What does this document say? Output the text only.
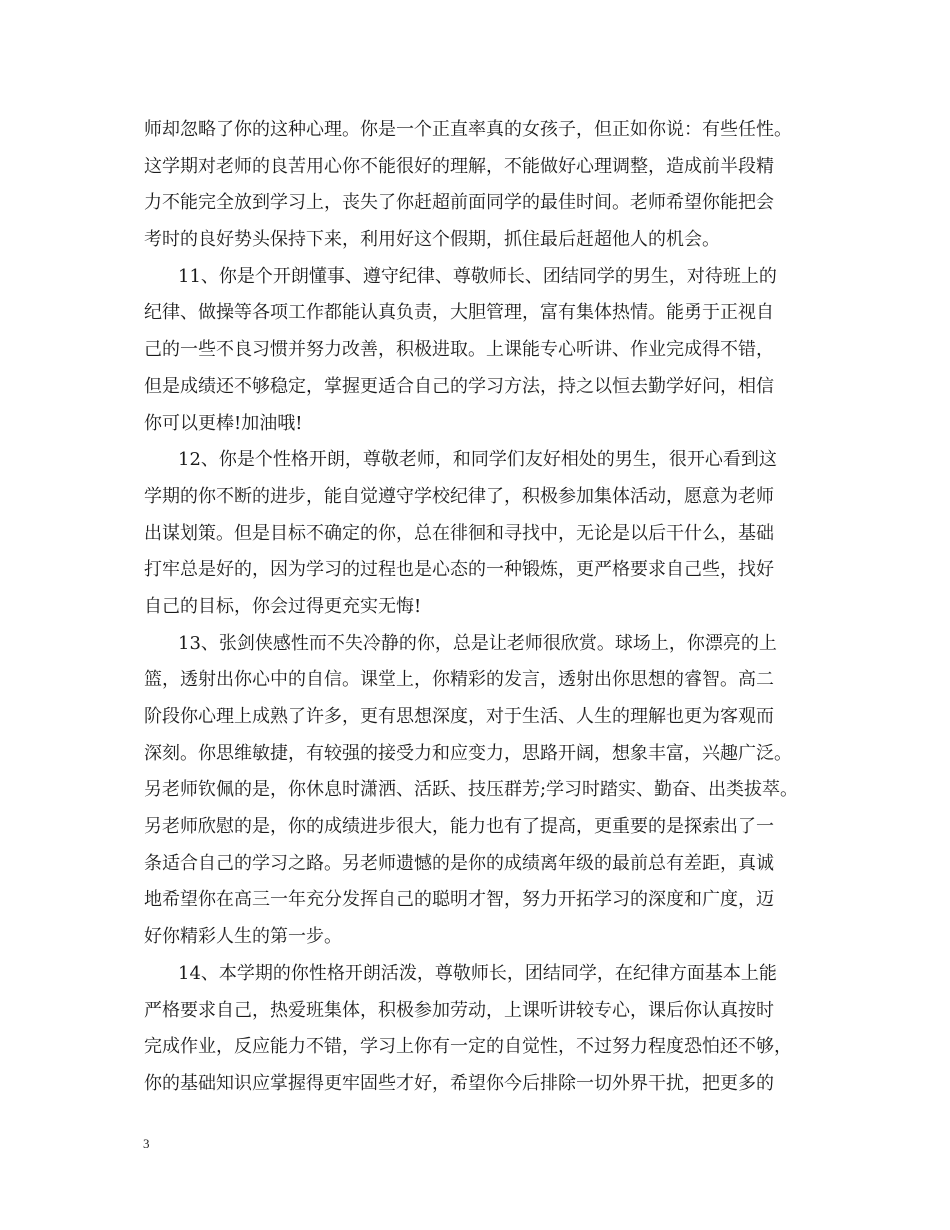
师却忽略了你的这种心理。你是一个正直率真的女孩子，但正如你说：有些任性。
这学期对老师的良苦用心你不能很好的理解，不能做好心理调整，造成前半段精
力不能完全放到学习上，丧失了你赶超前面同学的最佳时间。老师希望你能把会
考时的良好势头保持下来，利用好这个假期，抓住最后赶超他人的机会。
11、你是个开朗懂事、遵守纪律、尊敬师长、团结同学的男生，对待班上的
纪律、做操等各项工作都能认真负责，大胆管理，富有集体热情。能勇于正视自
己的一些不良习惯并努力改善，积极进取。上课能专心听讲、作业完成得不错，
但是成绩还不够稳定，掌握更适合自己的学习方法，持之以恒去勤学好问，相信
你可以更棒!加油哦!
12、你是个性格开朗，尊敬老师，和同学们友好相处的男生，很开心看到这
学期的你不断的进步，能自觉遵守学校纪律了，积极参加集体活动，愿意为老师
出谋划策。但是目标不确定的你，总在徘徊和寻找中，无论是以后干什么，基础
打牢总是好的，因为学习的过程也是心态的一种锻炼，更严格要求自己些，找好
自己的目标，你会过得更充实无悔!
13、张剑侠感性而不失冷静的你，总是让老师很欣赏。球场上，你漂亮的上
篮，透射出你心中的自信。课堂上，你精彩的发言，透射出你思想的睿智。高二
阶段你心理上成熟了许多，更有思想深度，对于生活、人生的理解也更为客观而
深刻。你思维敏捷，有较强的接受力和应变力，思路开阔，想象丰富，兴趣广泛。
另老师钦佩的是，你休息时潇洒、活跃、技压群芳;学习时踏实、勤奋、出类拔萃。
另老师欣慰的是，你的成绩进步很大，能力也有了提高，更重要的是探索出了一
条适合自己的学习之路。另老师遗憾的是你的成绩离年级的最前总有差距，真诚
地希望你在高三一年充分发挥自己的聪明才智，努力开拓学习的深度和广度，迈
好你精彩人生的第一步。
14、本学期的你性格开朗活泼，尊敬师长，团结同学，在纪律方面基本上能
严格要求自己，热爱班集体，积极参加劳动，上课听讲较专心，课后你认真按时
完成作业，反应能力不错，学习上你有一定的自觉性，不过努力程度恐怕还不够，
你的基础知识应掌握得更牢固些才好，希望你今后排除一切外界干扰，把更多的
3
